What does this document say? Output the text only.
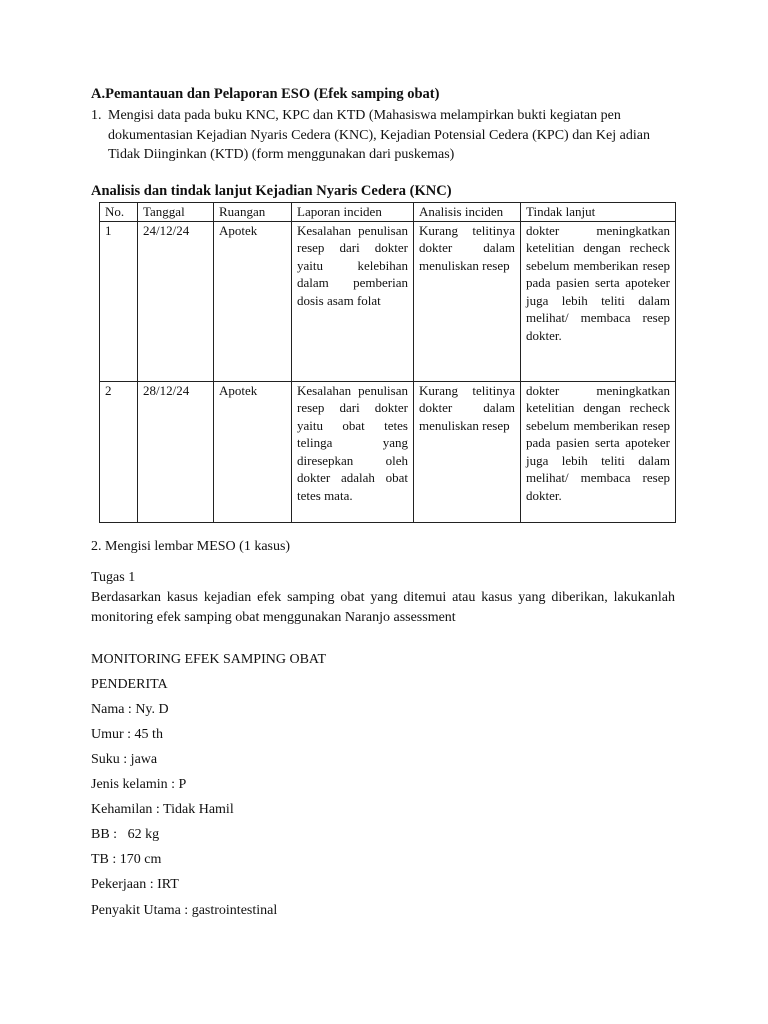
A.Pemantauan dan Pelaporan ESO (Efek samping obat)
1. Mengisi data pada buku KNC, KPC dan KTD (Mahasiswa melampirkan bukti kegiatan pen dokumentasian Kejadian Nyaris Cedera (KNC), Kejadian Potensial Cedera (KPC) dan Kej adian Tidak Diinginkan (KTD) (form menggunakan dari puskemas)
Analisis dan tindak lanjut Kejadian Nyaris Cedera (KNC)
No.	Tanggal	Ruangan	Laporan inciden	Analisis inciden	Tindak lanjut
1	24/12/24	Apotek	Kesalahan penulisan resep dari dokter yaitu kelebihan dalam pemberian dosis asam folat	Kurang telitinya dokter dalam menuliskan resep	dokter meningkatkan ketelitian dengan recheck sebelum memberikan resep pada pasien serta apoteker juga lebih teliti dalam melihat/ membaca resep dokter.
2	28/12/24	Apotek	Kesalahan penulisan resep dari dokter yaitu obat tetes telinga yang diresepkan oleh dokter adalah obat tetes mata.	Kurang telitinya dokter dalam menuliskan resep	dokter meningkatkan ketelitian dengan recheck sebelum memberikan resep pada pasien serta apoteker juga lebih teliti dalam melihat/ membaca resep dokter.
2. Mengisi lembar MESO (1 kasus)
Tugas 1
Berdasarkan kasus kejadian efek samping obat yang ditemui atau kasus yang diberikan, lakukanlah monitoring efek samping obat menggunakan Naranjo assessment
MONITORING EFEK SAMPING OBAT
PENDERITA
Nama : Ny. D
Umur : 45 th
Suku : jawa
Jenis kelamin : P
Kehamilan : Tidak Hamil
BB :   62 kg
TB : 170 cm
Pekerjaan : IRT
Penyakit Utama : gastrointestinal
